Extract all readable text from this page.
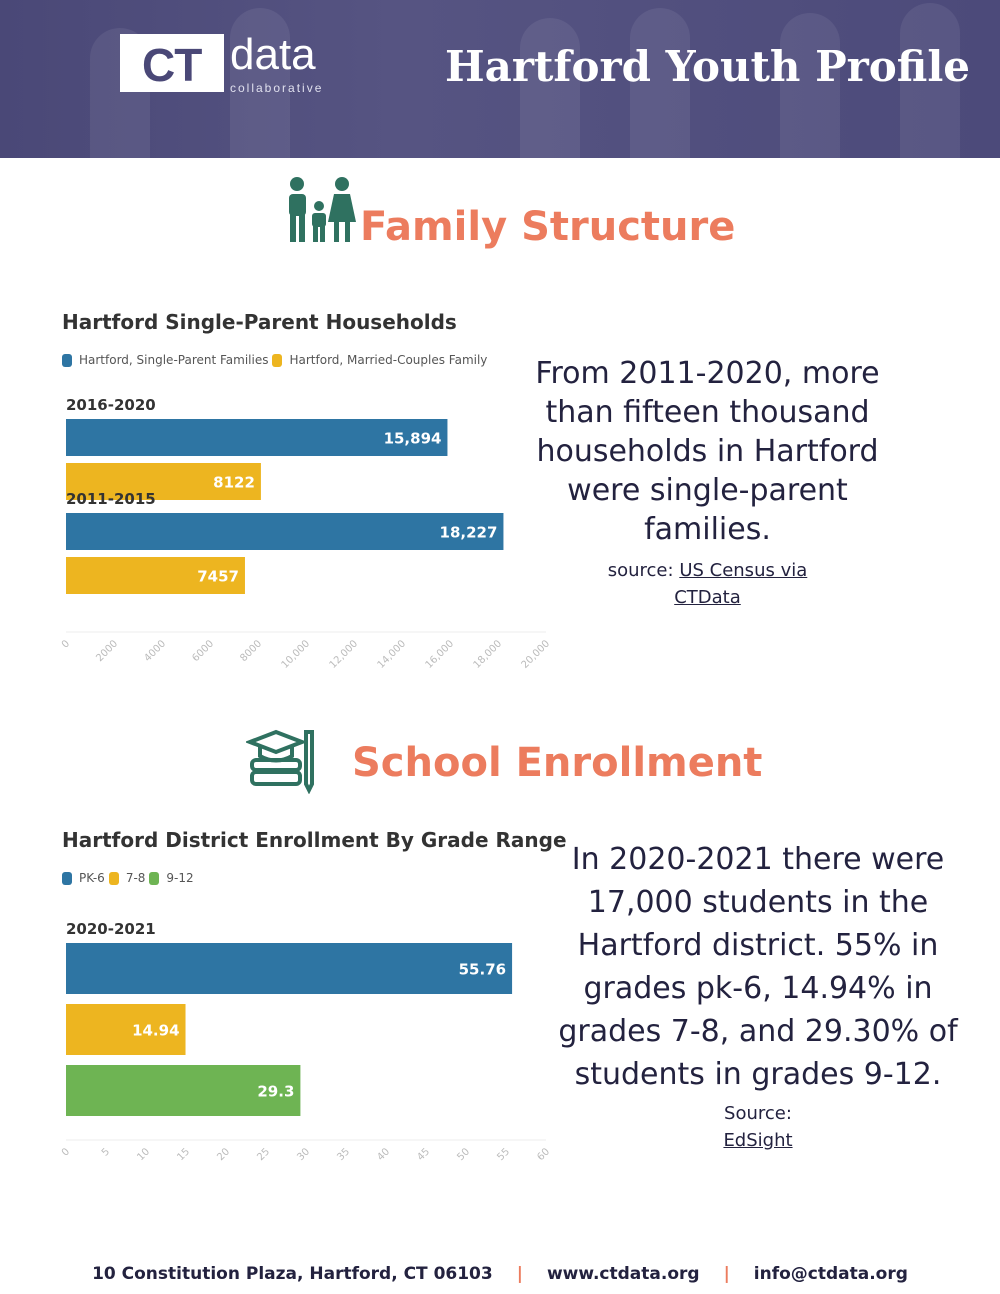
CT data
collaborative	Hartford Youth Profile
Family Structure
Hartford Single-Parent Households
Hartford, Single-Parent Families Hartford, Married-Couples Family
2016-2020
15,894
8122
2011-2015
18,227
7457
0 2000 4000 6000 8000 10,000 12,000 14,000 16,000 18,000 20,000
From 2011-2020, more than fifteen thousand households in Hartford were single-parent families.
source: US Census via CTData
School Enrollment
Hartford District Enrollment By Grade Range
PK-6 7-8 9-12
2020-2021
55.76
14.94
29.3
0	5 10 15 20 25 30 35 40 45 50 55 60
In 2020-2021 there were 17,000 students in the Hartford district. 55% in grades pk-6, 14.94% in grades 7-8, and 29.30% of students in grades 9-12.
Source:
EdSight
10 Constitution Plaza, Hartford, CT 06103 | www.ctdata.org | info@ctdata.org
